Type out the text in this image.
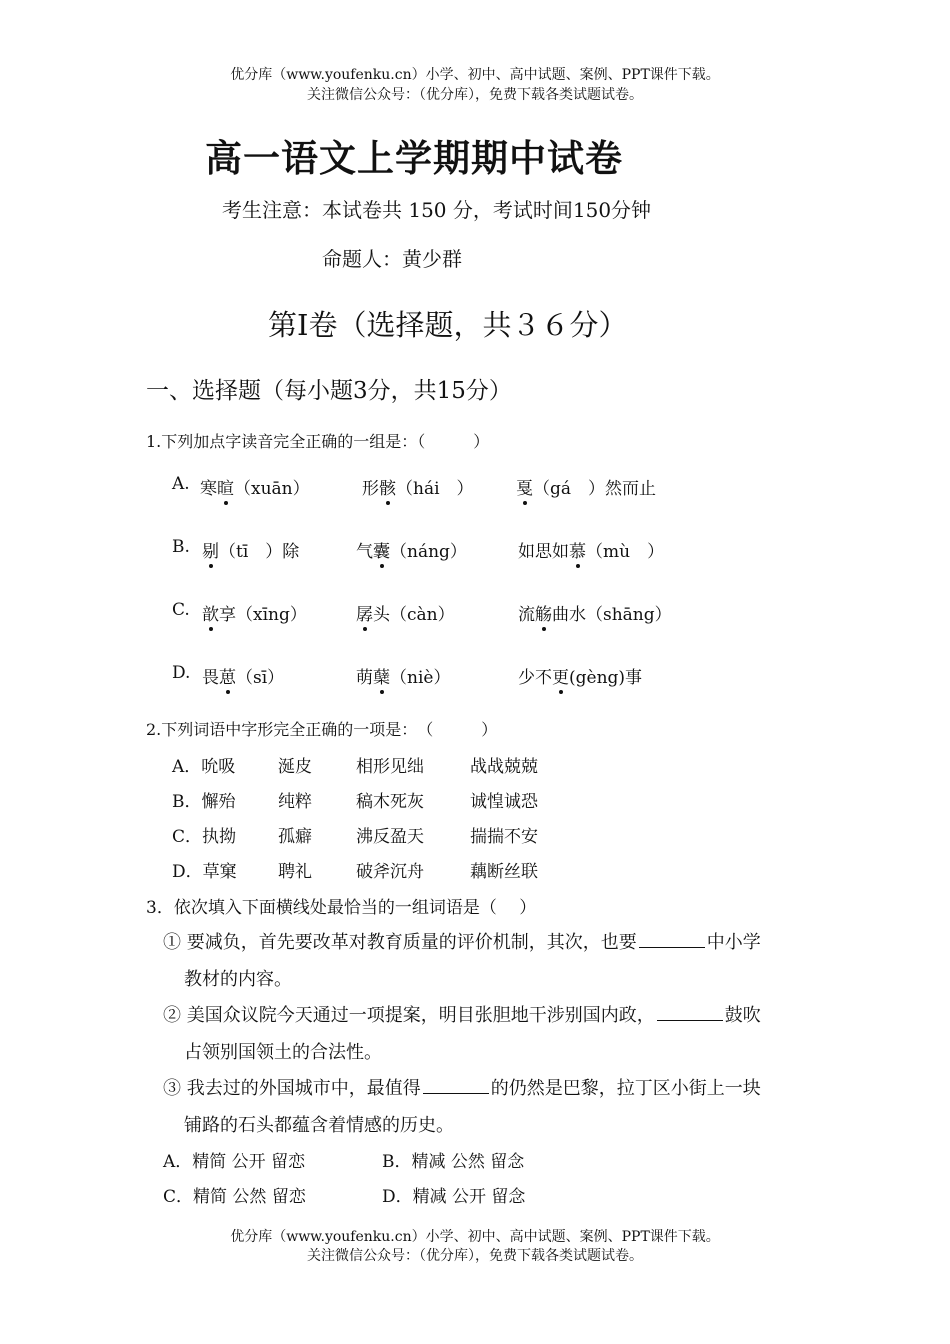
优分库（www.youfenku.cn）小学、初中、高中试题、案例、PPT课件下载。
关注微信公众号：（优分库），免费下载各类试题试卷。
高一语文上学期期中试卷
考生注意：本试卷共 150 分，考试时间150分钟
命题人：黄少群
第Ⅰ卷（选择题，共３６分）
一、选择题（每小题3分，共15分）
1.下列加点字读音完全正确的一组是：（　　　）
A. 寒暄（xuān）	形骸（hái　） 戛（gá　）然而止
B. 剔（tī　）除	气囊（náng）	如思如慕（mù　）
C. 歆享（xīng）	孱头（càn）	流觞曲水（shāng）
D. 畏葸（sī）	萌蘖（niè）	少不更(gèng)事
2.下列词语中字形完全正确的一项是：　（　　　）
A．吮吸	涎皮	相形见绌	战战兢兢
B．懈殆	纯粹	稿木死灰	诚惶诚恐
C．执拗 孤癖	沸反盈天	揣揣不安
D．草窠 聘礼	破斧沉舟	藕断丝联
3．依次填入下面横线处最恰当的一组词语是（　 ）
① 要减负，首先要改革对教育质量的评价机制，其次，也要	中小学
教材的内容。
② 美国众议院今天通过一项提案，明目张胆地干涉别国内政，	鼓吹
占领别国领土的合法性。
③ 我去过的外国城市中，最值得	的仍然是巴黎，拉丁区小街上一块
铺路的石头都蕴含着情感的历史。
A．精简 公开 留恋	B．精减 公然 留念
C．精简 公然 留恋	D．精减 公开 留念
优分库（www.youfenku.cn）小学、初中、高中试题、案例、PPT课件下载。
关注微信公众号：（优分库），免费下载各类试题试卷。
